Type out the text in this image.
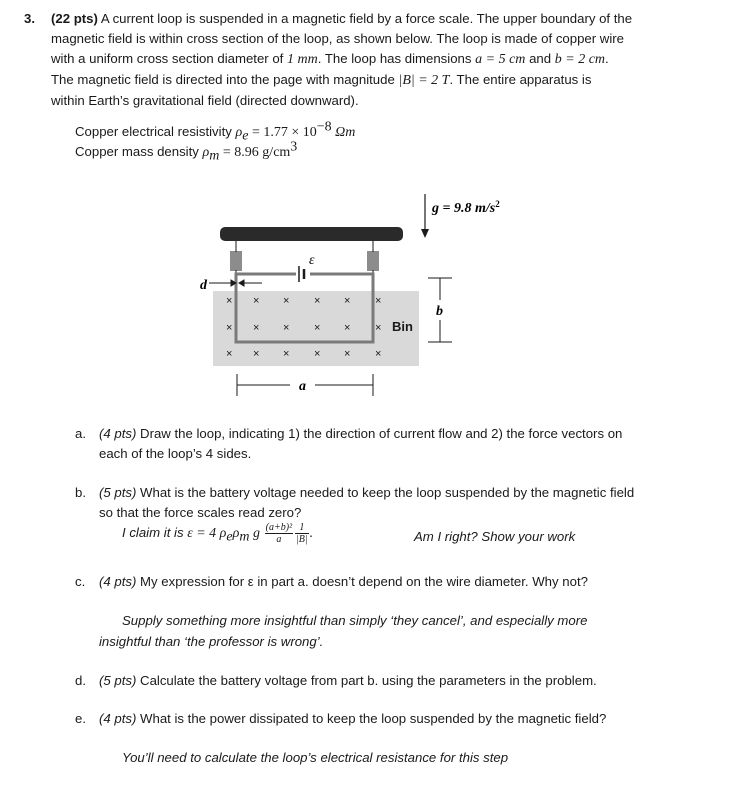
3. (22 pts) A current loop is suspended in a magnetic field by a force scale. The upper boundary of the
magnetic field is within cross section of the loop, as shown below. The loop is made of copper wire
with a uniform cross section diameter of 1 mm. The loop has dimensions a = 5 cm and b = 2 cm.
The magnetic field is directed into the page with magnitude |B| = 2 T. The entire apparatus is
within Earth’s gravitational field (directed downward).
Copper electrical resistivity $\rho_e = 1.77 \times 10^{-8}$ Ωm
Copper mass density $\rho_m = 8.96$ $g/cm^3$
g = 9.8 $m/s^2$
ε
d
× × × × × ×
× × × × × ×
× × × × × ×
Bin
b
a
a. (4 pts) Draw the loop, indicating 1) the direction of current flow and 2) the force vectors on
each of the loop’s 4 sides.
b. (5 pts) What is the battery voltage needed to keep the loop suspended by the magnetic field
so that the force scales read zero?
I claim it is ε = 4 $\rho_e\rho_m$ g $\frac{\text{(a+b)²}}{a} \frac{1}{|B|}$ .	Am I right? Show your work
c. (4 pts) My expression for ε in part a. doesn’t depend on the wire diameter. Why not?
Supply something more insightful than simply ‘they cancel’, and especially more
insightful than ‘the professor is wrong’.
d. (5 pts) Calculate the battery voltage from part b. using the parameters in the problem.
e. (4 pts) What is the power dissipated to keep the loop suspended by the magnetic field?
You’ll need to calculate the loop’s electrical resistance for this step
